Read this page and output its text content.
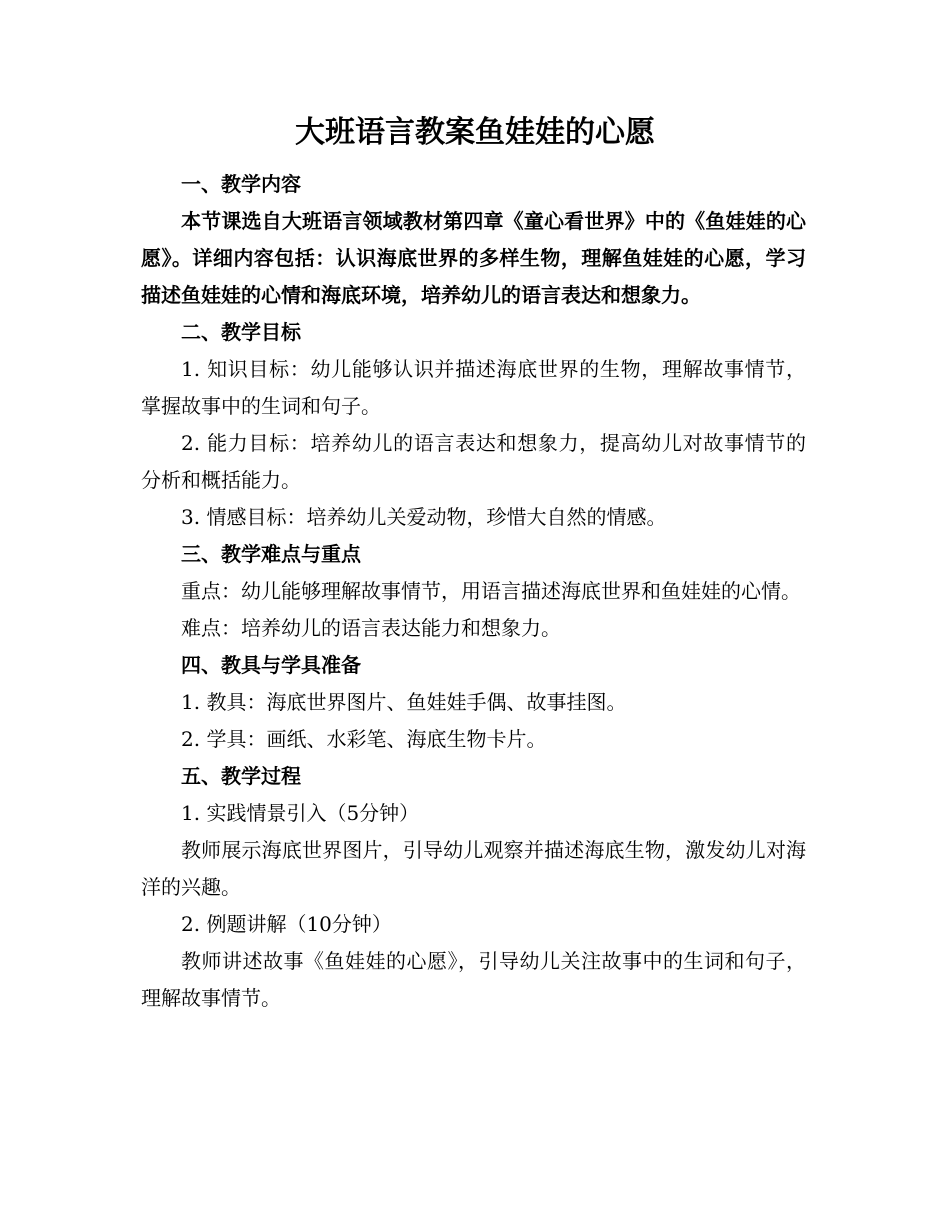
大班语言教案鱼娃娃的心愿

一、教学内容

本节课选自大班语言领域教材第四章《童心看世界》中的《鱼娃娃的心愿》。详细内容包括：认识海底世界的多样生物，理解鱼娃娃的心愿，学习描述鱼娃娃的心情和海底环境，培养幼儿的语言表达和想象力。

二、教学目标

1. 知识目标：幼儿能够认识并描述海底世界的生物，理解故事情节，掌握故事中的生词和句子。

2. 能力目标：培养幼儿的语言表达和想象力，提高幼儿对故事情节的分析和概括能力。

3. 情感目标：培养幼儿关爱动物，珍惜大自然的情感。

三、教学难点与重点

重点：幼儿能够理解故事情节，用语言描述海底世界和鱼娃娃的心情。

难点：培养幼儿的语言表达能力和想象力。

四、教具与学具准备

1. 教具：海底世界图片、鱼娃娃手偶、故事挂图。

2. 学具：画纸、水彩笔、海底生物卡片。

五、教学过程

1. 实践情景引入（5分钟）

教师展示海底世界图片，引导幼儿观察并描述海底生物，激发幼儿对海洋的兴趣。

2. 例题讲解（10分钟）

教师讲述故事《鱼娃娃的心愿》，引导幼儿关注故事中的生词和句子，理解故事情节。
